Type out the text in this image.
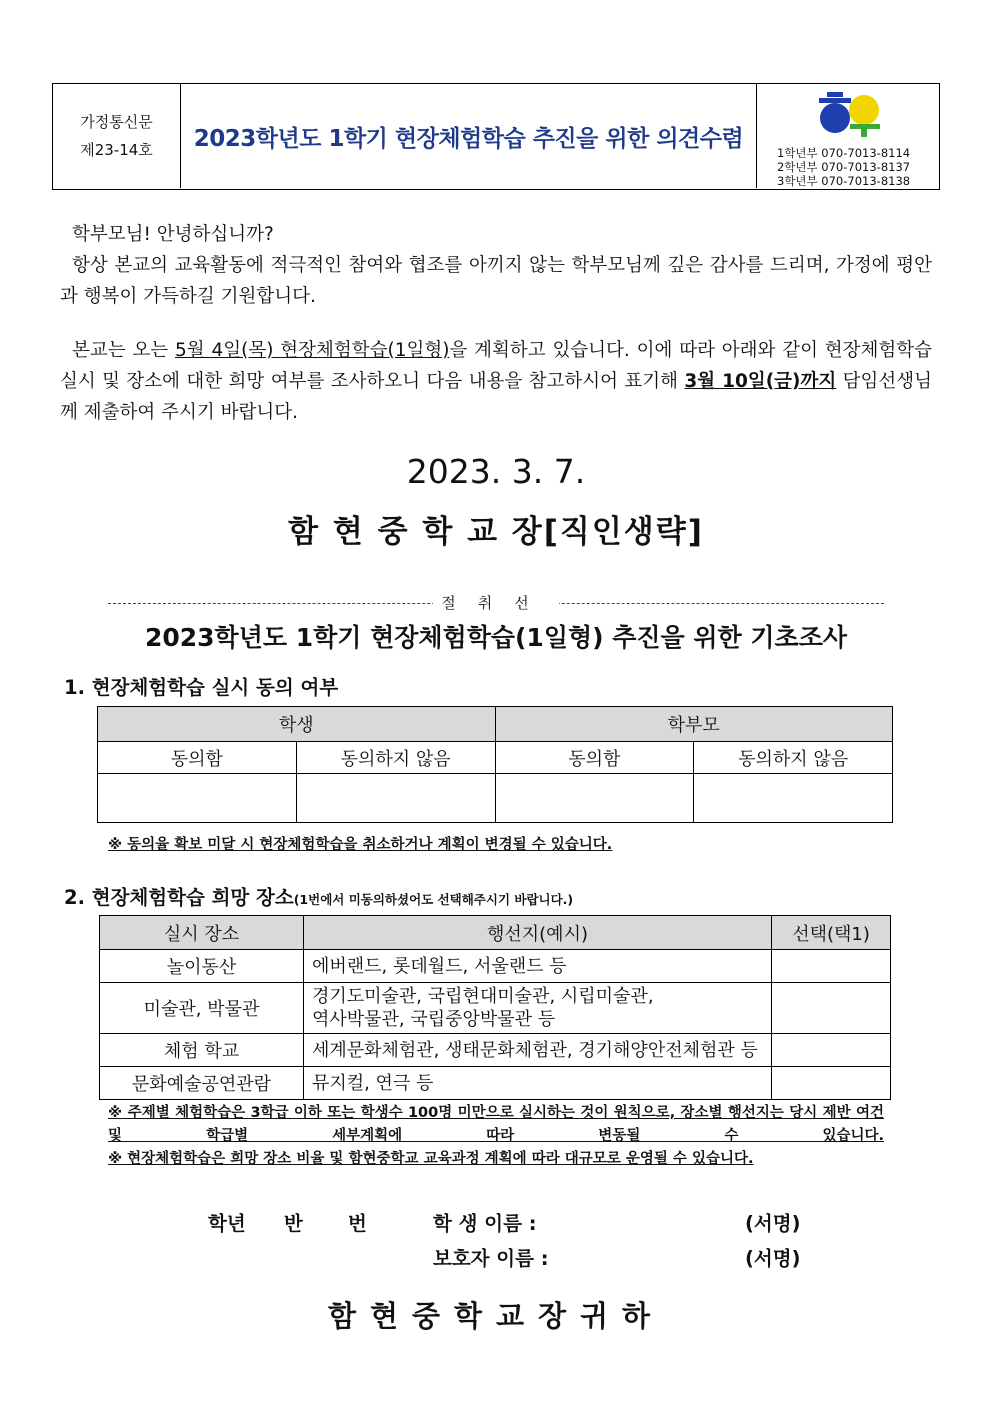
가정통신문
제23-14호	2023학년도 1학기 현장체험학습 추진을 위한 의견수렴
1학년부 070-7013-8114
2학년부 070-7013-8137
3학년부 070-7013-8138
학부모님! 안녕하십니까?
항상 본교의 교육활동에 적극적인 참여와 협조를 아끼지 않는 학부모님께 깊은 감사를 드리며, 가정에 평안과 행복이 가득하길 기원합니다.
본교는 오는 5월 4일(목) 현장체험학습(1일형)을 계획하고 있습니다. 이에 따라 아래와 같이 현장체험학습 실시 및 장소에 대한 희망 여부를 조사하오니 다음 내용을 참고하시어 표기해 3월 10일(금)까지 담임선생님께 제출하여 주시기 바랍니다.
2023. 3. 7.
함 현 중 학 교 장[직인생략]
절취선
2023학년도 1학기 현장체험학습(1일형) 추진을 위한 기초조사
1. 현장체험학습 실시 동의 여부
학생		학부모	
동의함	동의하지 않음	동의함	동의하지 않음

※ 동의율 확보 미달 시 현장체험학습을 취소하거나 계획이 변경될 수 있습니다.
2. 현장체험학습 희망 장소(1번에서 미동의하셨어도 선택해주시기 바랍니다.)
실시 장소	행선지(예시)	선택(택1)
놀이동산	에버랜드, 롯데월드, 서울랜드 등	
미술관, 박물관	경기도미술관, 국립현대미술관, 시립미술관,
역사박물관, 국립중앙박물관 등	

체험 학교	세계문화체험관, 생태문화체험관, 경기해양안전체험관 등	
문화예술공연관람	뮤지컬, 연극 등	
※ 주제별 체험학습은 3학급 이하 또는 학생수 100명 미만으로 실시하는 것이 원칙으로, 장소별 행선지는 당시 제반 여건 및 학급별 세부계획에 따라 변동될 수 있습니다.
※ 현장체험학습은 희망 장소 비율 및 함현중학교 교육과정 계획에 따라 대규모로 운영될 수 있습니다.
학년 반 번	학 생 이름 :	(서명)
보호자 이름 :	(서명)
함현중학교장귀하
